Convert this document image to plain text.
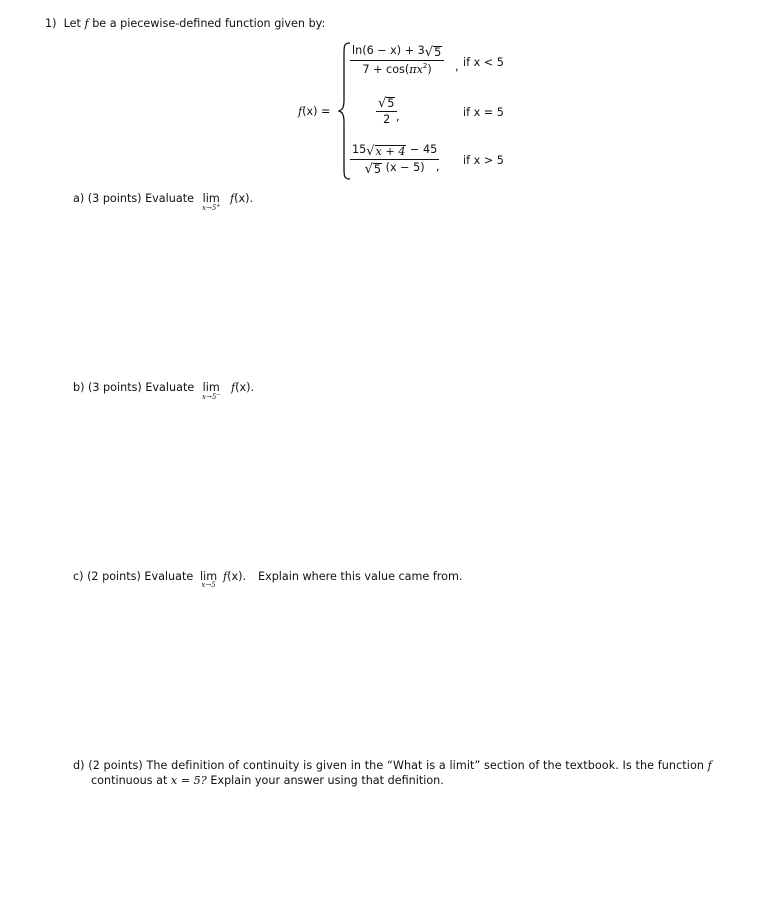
1) Let f be a piecewise-defined function given by:
f(x) =
ln(6 − x) + 3 √ 5
$7 + \cos(\pi x^2)$ , if x < 5
√ 5
2 ,	if x = 5
15 √ x + 4 − 45
√ 5 (x − 5) , if x > 5
a) (3 points) Evaluate lim
x→5+
f(x).
b) (3 points) Evaluate lim
x→5−
f(x).
c) (2 points) Evaluate lim
x→5
f(x). Explain where this value came from.
d) (2 points) The definition of continuity is given in the “What is a limit” section of the textbook. Is the function f
continuous at x = 5? Explain your answer using that definition.
